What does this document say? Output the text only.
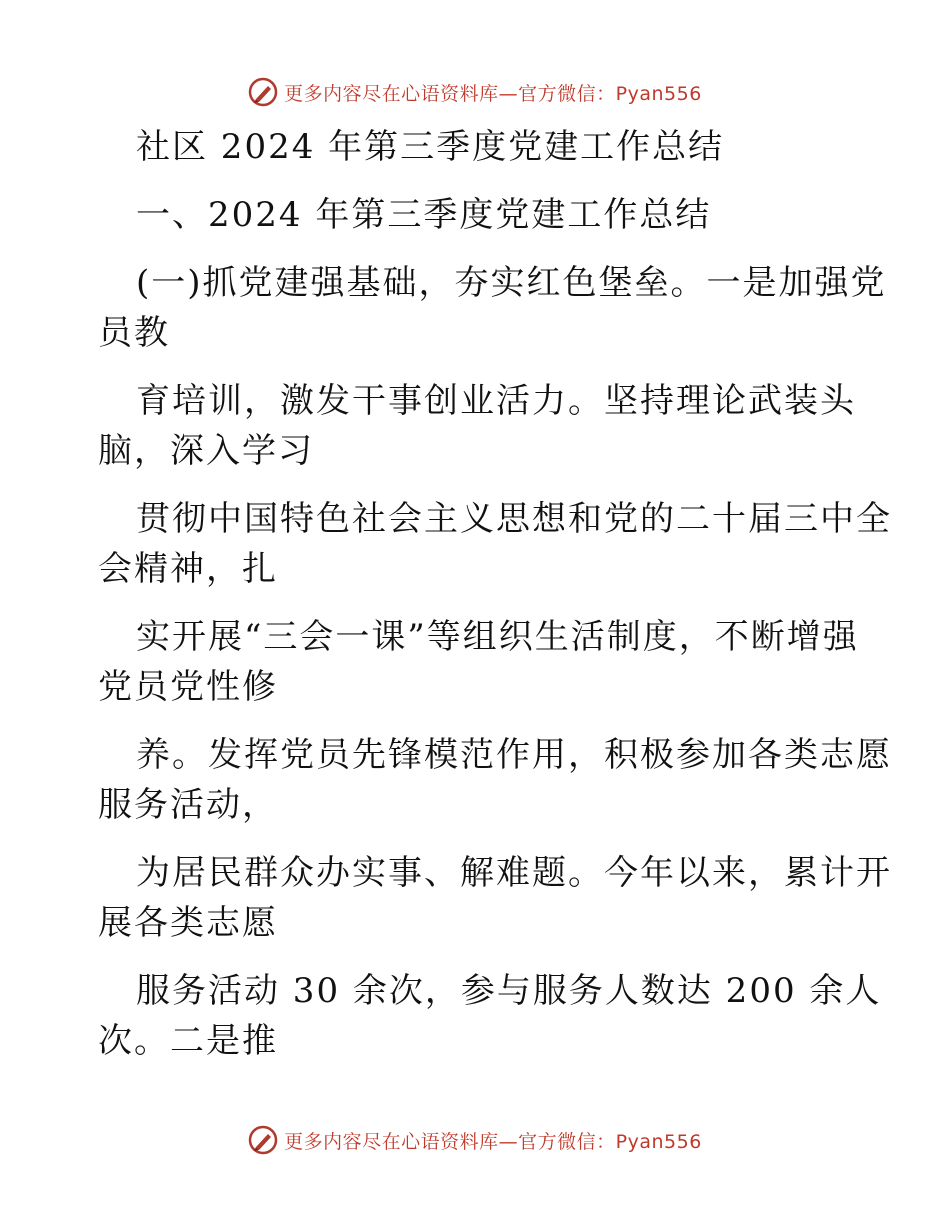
更多内容尽在心语资料库—官方微信：Pyan556
社区 2024 年第三季度党建工作总结
一、2024 年第三季度党建工作总结
(一)抓党建强基础，夯实红色堡垒。一是加强党
员教
育培训，激发干事创业活力。坚持理论武装头
脑，深入学习
贯彻中国特色社会主义思想和党的二十届三中全
会精神，扎
实开展“三会一课”等组织生活制度，不断增强
党员党性修
养。发挥党员先锋模范作用，积极参加各类志愿
服务活动，
为居民群众办实事、解难题。今年以来，累计开
展各类志愿
服务活动 30 余次，参与服务人数达 200 余人
次。二是推
更多内容尽在心语资料库—官方微信：Pyan556
